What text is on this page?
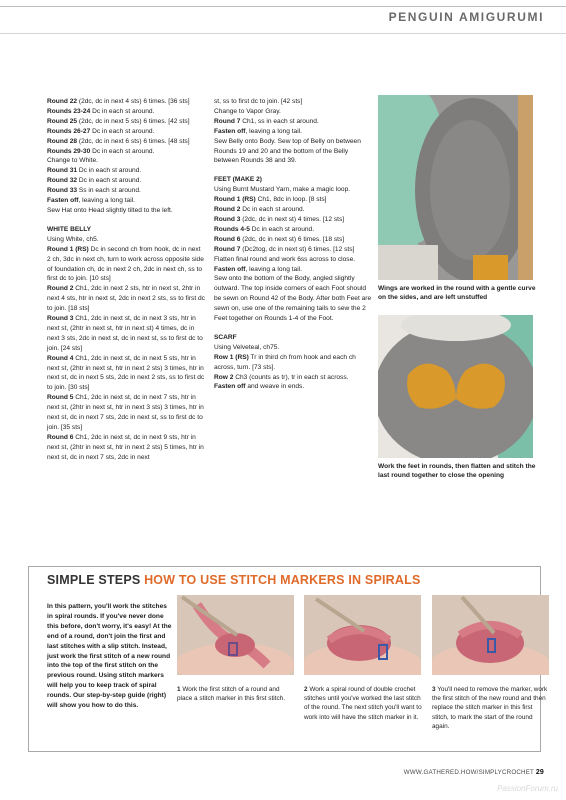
PENGUIN AMIGURUMI

Round 22 (2dc, dc in next 4 sts) 6 times. [36 sts]

Rounds 23-24 Dc in each st around.

Round 25 (2dc, dc in next 5 sts) 6 times. [42 sts]

Rounds 26-27 Dc in each st around.

Round 28 (2dc, dc in next 6 sts) 6 times. [48 sts]

Rounds 29-30 Dc in each st around.

Change to White.

Round 31 Dc in each st around.

Round 32 Dc in each st around.

Round 33 Ss in each st around.

Fasten off, leaving a long tail.

Sew Hat onto Head slightly tilted to the left.

WHITE BELLY

Using White, ch5.

Round 1 (RS) Dc in second ch from hook, dc in next 2 ch, 3dc in next ch, turn to work across opposite side of foundation ch, dc in next 2 ch, 2dc in next ch, ss to first dc to join. [10 sts]

Round 2 Ch1, 2dc in next 2 sts, htr in next st, 2htr in next 4 sts, htr in next st, 2dc in next 2 sts, ss to first dc to join. [18 sts]

Round 3 Ch1, 2dc in next st, dc in next 3 sts, htr in next st, (2htr in next st, htr in next st) 4 times, dc in next 3 sts, 2dc in next st, dc in next st, ss to first dc to join. [24 sts]

Round 4 Ch1, 2dc in next st, dc in next 5 sts, htr in next st, (2htr in next st, htr in next 2 sts) 3 times, htr in next st, dc in next 5 sts, 2dc in next 2 sts, ss to first dc to join. [30 sts]

Round 5 Ch1, 2dc in next st, dc in next 7 sts, htr in next st, (2htr in next st, htr in next 3 sts) 3 times, htr in next st, dc in next 7 sts, 2dc in next st, ss to first dc to join. [35 sts]

Round 6 Ch1, 2dc in next st, dc in next 9 sts, htr in next st, (2htr in next st, htr in next 2 sts) 5 times, htr in next st, dc in next 7 sts, 2dc in next

st, ss to first dc to join. [42 sts]

Change to Vapor Gray.

Round 7 Ch1, ss in each st around.

Fasten off, leaving a long tail.

Sew Belly onto Body. Sew top of Belly on between Rounds 19 and 20 and the bottom of the Belly between Rounds 38 and 39.

FEET (MAKE 2)

Using Burnt Mustard Yarn, make a magic loop.

Round 1 (RS) Ch1, 8dc in loop. [8 sts]

Round 2 Dc in each st around.

Round 3 (2dc, dc in next st) 4 times. [12 sts]

Rounds 4-5 Dc in each st around.

Round 6 (2dc, dc in next st) 6 times. [18 sts]

Round 7 (Dc2tog, dc in next st) 6 times. [12 sts]

Flatten final round and work 6ss across to close.

Fasten off, leaving a long tail.

Sew onto the bottom of the Body, angled slightly outward. The top inside corners of each Foot should be sewn on Round 42 of the Body. After both Feet are sewn on, use one of the remaining tails to sew the 2 Feet together on Rounds 1-4 of the Foot.

SCARF

Using Velveteal, ch75.

Row 1 (RS) Tr in third ch from hook and each ch across, turn. [73 sts].

Row 2 Ch3 (counts as tr), tr in each st across.

Fasten off and weave in ends.

Wings are worked in the round with a gentle curve on the sides, and are left unstuffed
Work the feet in rounds, then flatten and stitch the last round together to close the opening
SIMPLE STEPS HOW TO USE STITCH MARKERS IN SPIRALS
In this pattern, you'll work the stitches in spiral rounds. If you've never done this before, don't worry, it's easy! At the end of a round, don't join the first and last stitches with a slip stitch. Instead, just work the first stitch of a new round into the top of the first stitch on the previous round. Using stitch markers will help you to keep track of spiral rounds. Our step-by-step guide (right) will show you how to do this.
1 Work the first stitch of a round and place a stitch marker in this first stitch.
2 Work a spiral round of double crochet stitches until you've worked the last stitch of the round. The next stitch you'll want to work into will have the stitch marker in it.
3 You'll need to remove the marker, work the first stitch of the new round and then replace the stitch marker in this first stitch, to mark the start of the round again.
WWW.GATHERED.HOW/SIMPLYCROCHET 29
PassionForum.ru
